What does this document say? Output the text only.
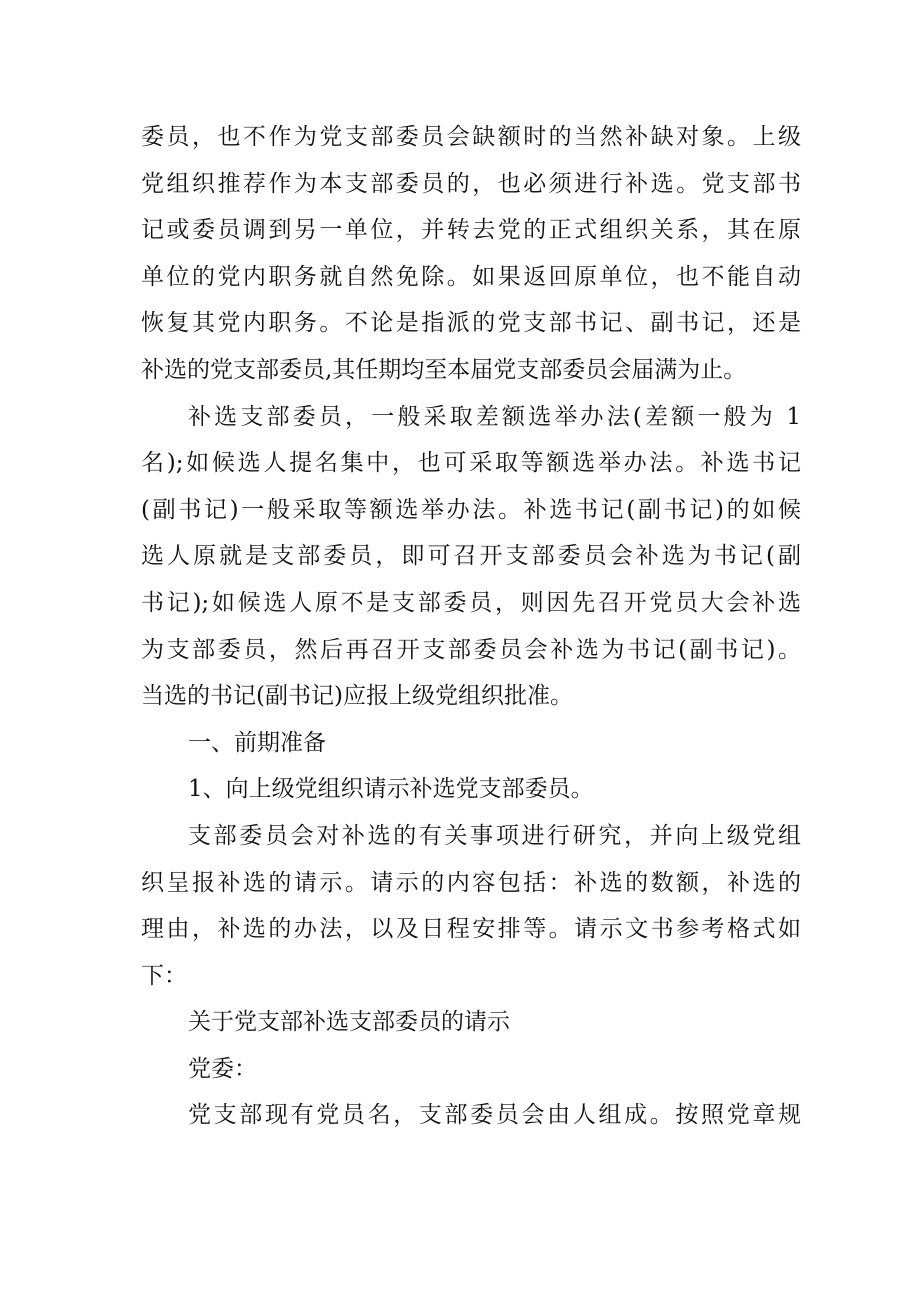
委员，也不作为党支部委员会缺额时的当然补缺对象。上级
党组织推荐作为本支部委员的，也必须进行补选。党支部书
记或委员调到另一单位，并转去党的正式组织关系，其在原
单位的党内职务就自然免除。如果返回原单位，也不能自动
恢复其党内职务。不论是指派的党支部书记、副书记，还是
补选的党支部委员,其任期均至本届党支部委员会届满为止。
补选支部委员，一般采取差额选举办法(差额一般为 1
名);如候选人提名集中，也可采取等额选举办法。补选书记
(副书记)一般采取等额选举办法。补选书记(副书记)的如候
选人原就是支部委员，即可召开支部委员会补选为书记(副
书记);如候选人原不是支部委员，则因先召开党员大会补选
为支部委员，然后再召开支部委员会补选为书记(副书记)。
当选的书记(副书记)应报上级党组织批准。
一、前期准备
1、向上级党组织请示补选党支部委员。
支部委员会对补选的有关事项进行研究，并向上级党组
织呈报补选的请示。请示的内容包括：补选的数额，补选的
理由，补选的办法，以及日程安排等。请示文书参考格式如
下：
关于党支部补选支部委员的请示
党委：
党支部现有党员名，支部委员会由人组成。按照党章规
